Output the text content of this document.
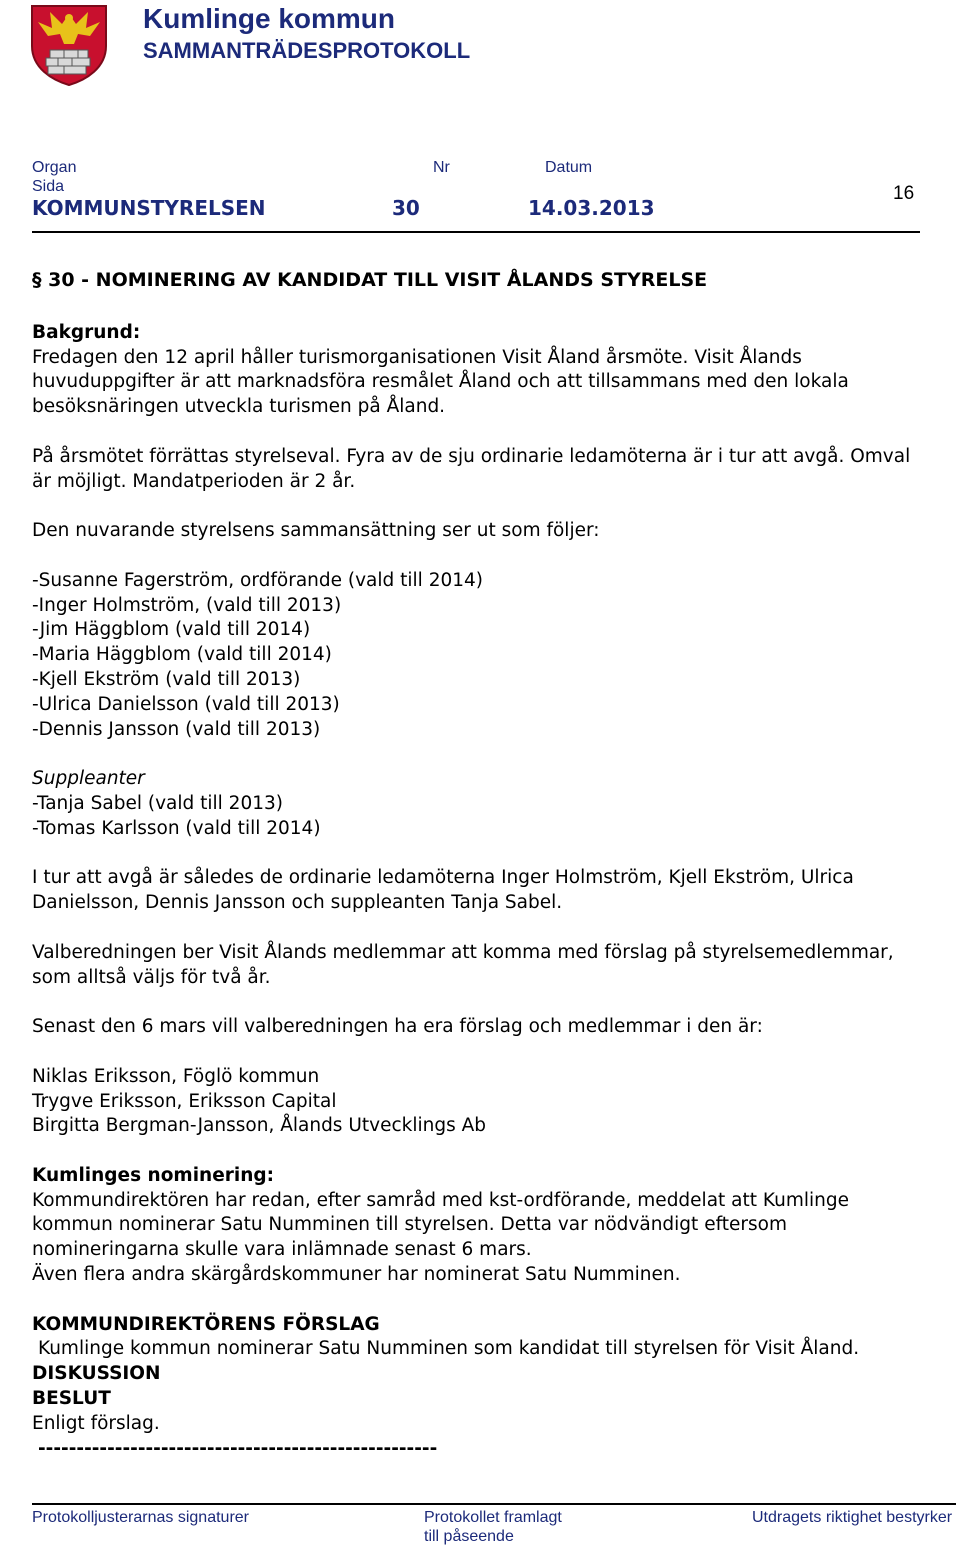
Kumlinge kommun
SAMMANTRÄDESPROTOKOLL
Organ
Sida
Nr	Datum
KOMMUNSTYRELSEN	30	14.03.2013
16

§ 30 - NOMINERING AV KANDIDAT TILL VISIT ÅLANDS STYRELSE

Bakgrund:

Fredagen den 12 april håller turismorganisationen Visit Åland årsmöte. Visit Ålands huvuduppgifter är att marknadsföra resmålet Åland och att tillsammans med den lokala besöksnäringen utveckla turismen på Åland.

På årsmötet förrättas styrelseval. Fyra av de sju ordinarie ledamöterna är i tur att avgå. Omval är möjligt. Mandatperioden är 2 år.

Den nuvarande styrelsens sammansättning ser ut som följer:

-Susanne Fagerström, ordförande (vald till 2014)

-Inger Holmström, (vald till 2013)

-Jim Häggblom (vald till 2014)

-Maria Häggblom (vald till 2014)

-Kjell Ekström (vald till 2013)

-Ulrica Danielsson (vald till 2013)

-Dennis Jansson (vald till 2013)

Suppleanter

-Tanja Sabel (vald till 2013)

-Tomas Karlsson (vald till 2014)

I tur att avgå är således de ordinarie ledamöterna Inger Holmström, Kjell Ekström, Ulrica Danielsson, Dennis Jansson och suppleanten Tanja Sabel.

Valberedningen ber Visit Ålands medlemmar att komma med förslag på styrelsemedlemmar, som alltså väljs för två år.

Senast den 6 mars vill valberedningen ha era förslag och medlemmar i den är:

Niklas Eriksson, Föglö kommun

Trygve Eriksson, Eriksson Capital

Birgitta Bergman-Jansson, Ålands Utvecklings Ab

Kumlinges nominering:

Kommundirektören har redan, efter samråd med kst-ordförande, meddelat att Kumlinge kommun nominerar Satu Numminen till styrelsen. Detta var nödvändigt eftersom nomineringarna skulle vara inlämnade senast 6 mars.

Även flera andra skärgårdskommuner har nominerat Satu Numminen.

KOMMUNDIREKTÖRENS FÖRSLAG

Kumlinge kommun nominerar Satu Numminen som kandidat till styrelsen för Visit Åland.

DISKUSSION

BESLUT

Enligt förslag.

----------------------------------------------------

Protokolljusterarnas signaturer	Protokollet framlagt
till påseende
Utdragets riktighet bestyrker
